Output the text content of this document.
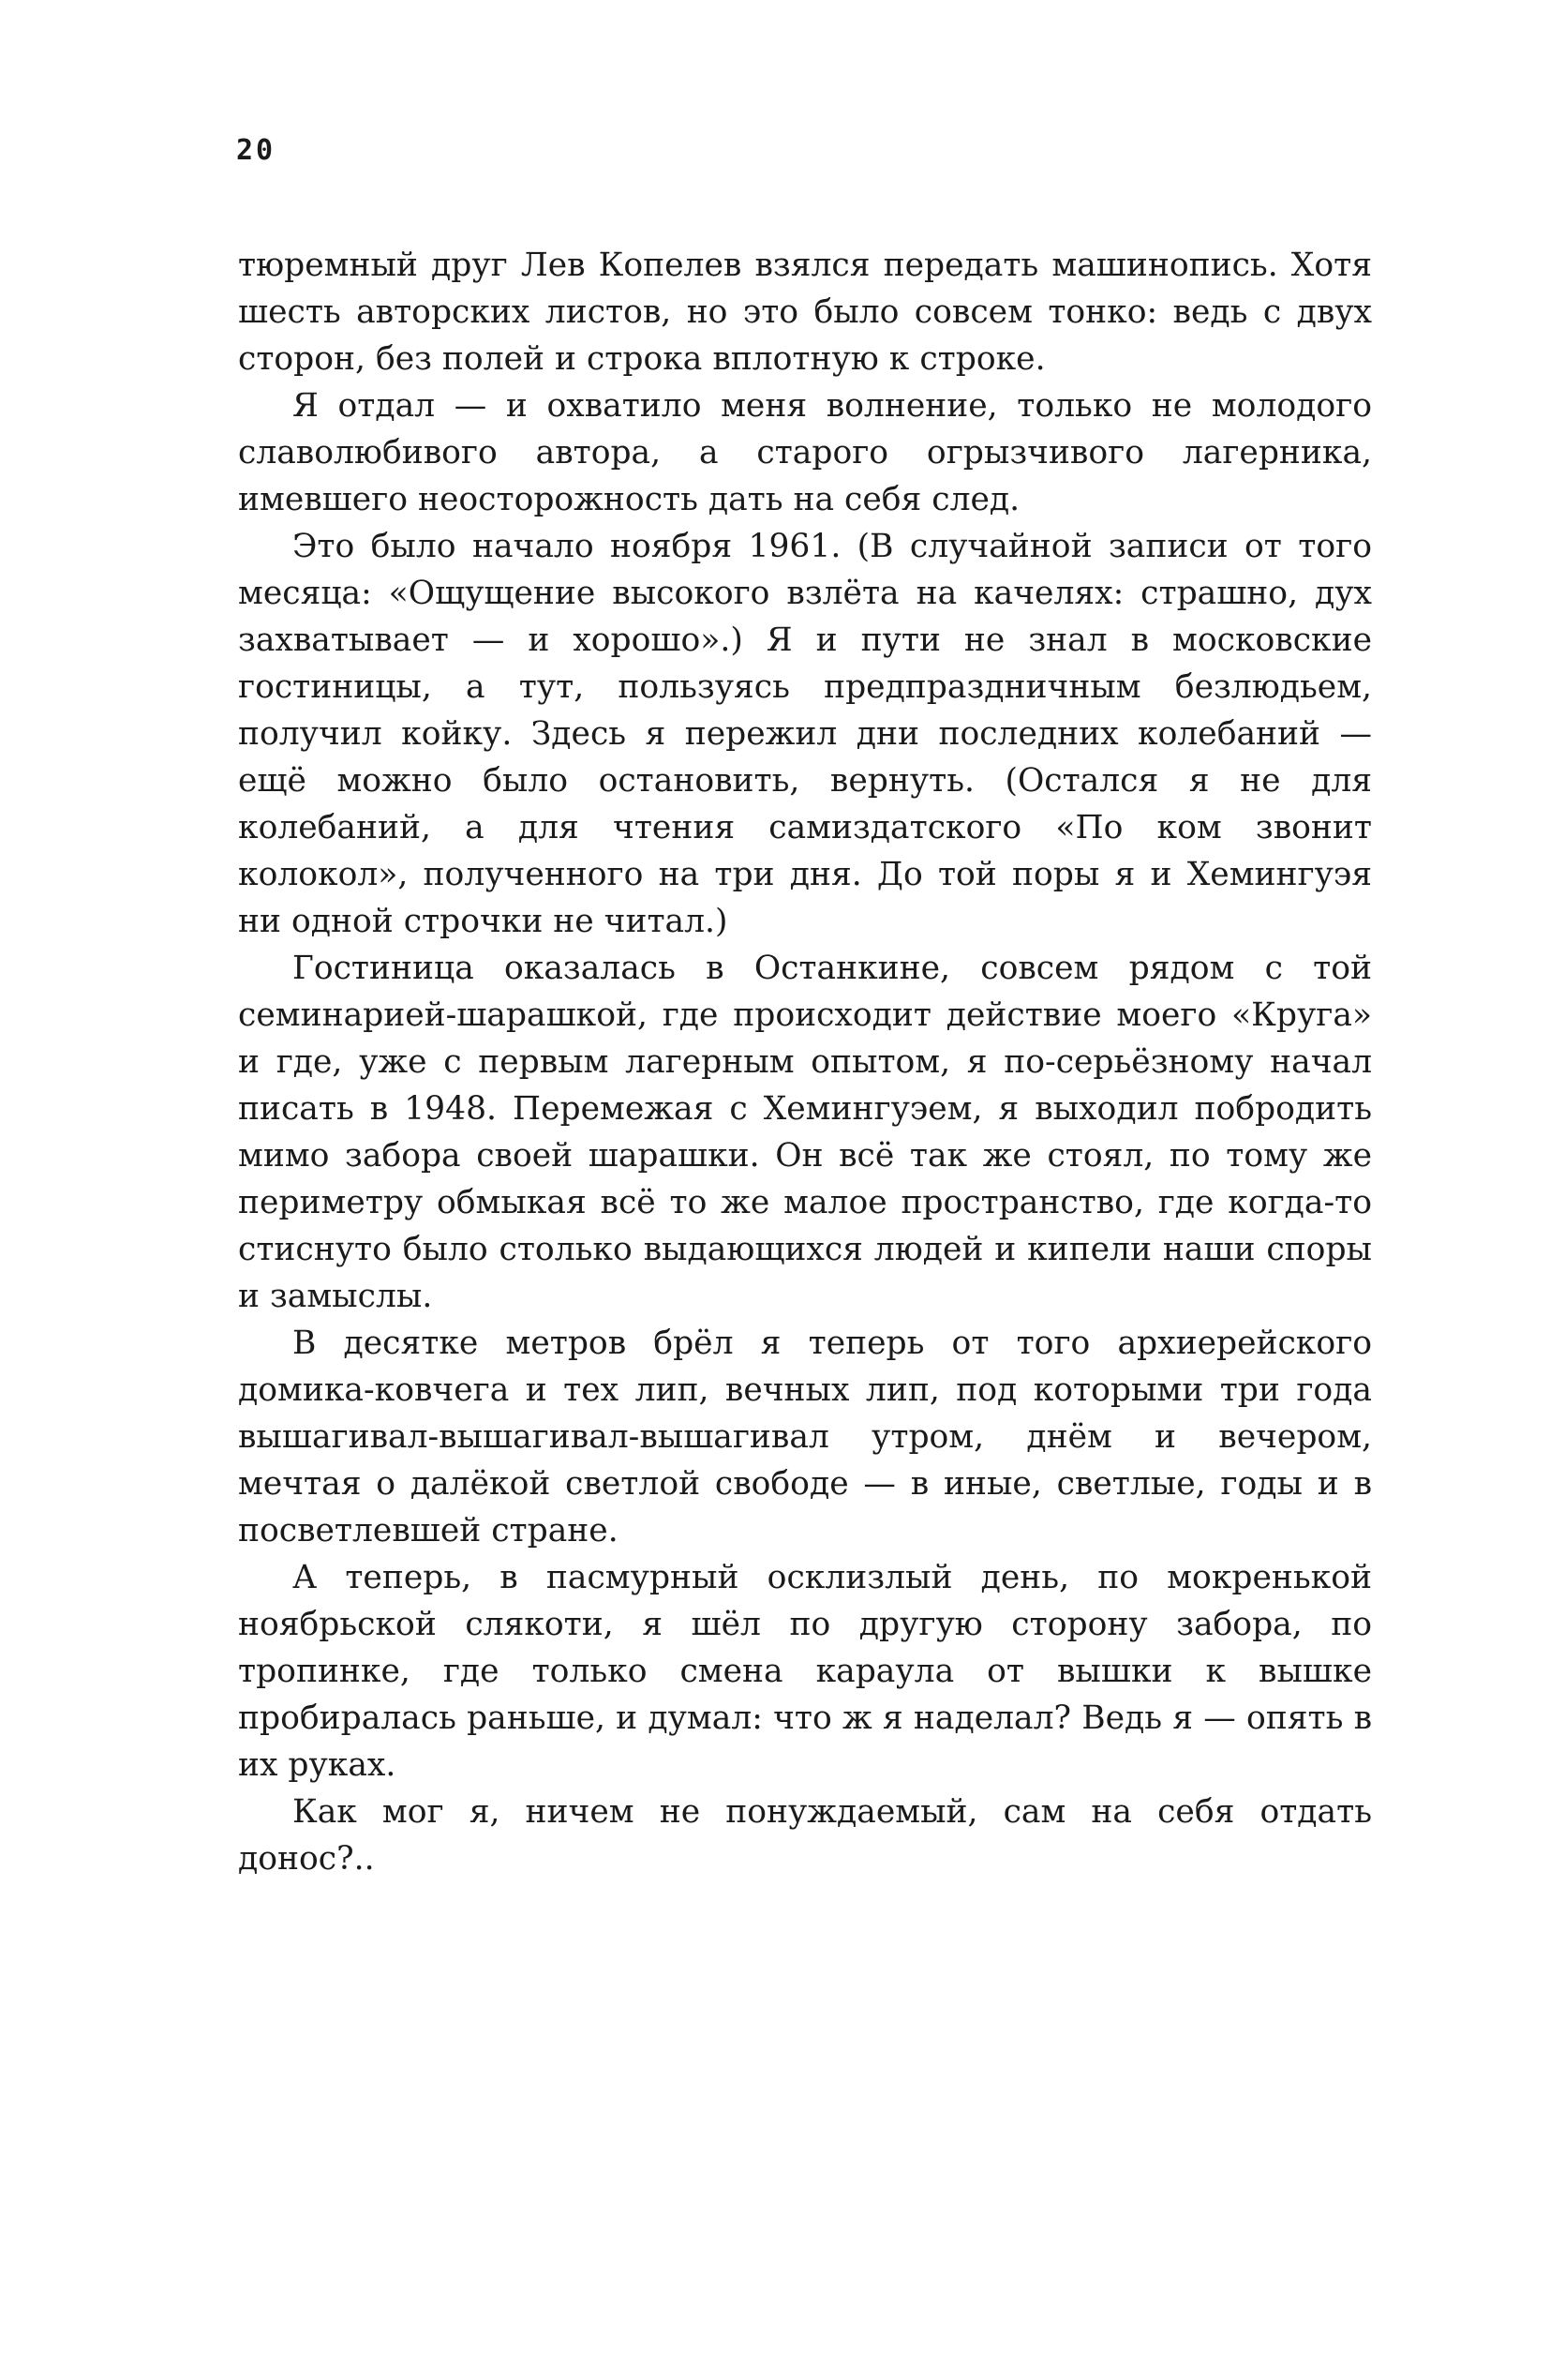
20

тюремный друг Лев Копелев взялся передать машинопись. Хотя шесть авторских листов, но это было совсем тонко: ведь с двух сторон, без полей и строка вплотную к строке.

Я отдал — и охватило меня волнение, только не молодого славолюбивого автора, а старого огрызчивого лагерника, имевшего неосторожность дать на себя след.

Это было начало ноября 1961. (В случайной записи от того месяца: «Ощущение высокого взлёта на качелях: страшно, дух захватывает — и хорошо».) Я и пути не знал в московские гостиницы, а тут, пользуясь предпраздничным безлюдьем, получил койку. Здесь я пережил дни последних колебаний — ещё можно было остановить, вернуть. (Остался я не для колебаний, а для чтения самиздатского «По ком звонит колокол», полученного на три дня. До той поры я и Хемингуэя ни одной строчки не читал.)

Гостиница оказалась в Останкине, совсем рядом с той семинарией-шарашкой, где происходит действие моего «Круга» и где, уже с первым лагерным опытом, я по-серьёзному начал писать в 1948. Перемежая с Хемингуэем, я выходил побродить мимо забора своей шарашки. Он всё так же стоял, по тому же периметру обмыкая всё то же малое пространство, где когда-то стиснуто было столько выдающихся людей и кипели наши споры и замыслы.

В десятке метров брёл я теперь от того архиерейского домика-ковчега и тех лип, вечных лип, под которыми три года вышагивал-вышагивал-вышагивал утром, днём и вечером, мечтая о далёкой светлой свободе — в иные, светлые, годы и в посветлевшей стране.

А теперь, в пасмурный осклизлый день, по мокренькой ноябрьской слякоти, я шёл по другую сторону забора, по тропинке, где только смена караула от вышки к вышке пробиралась раньше, и думал: что ж я наделал? Ведь я — опять в их руках.

Как мог я, ничем не понуждаемый, сам на себя отдать донос?..
